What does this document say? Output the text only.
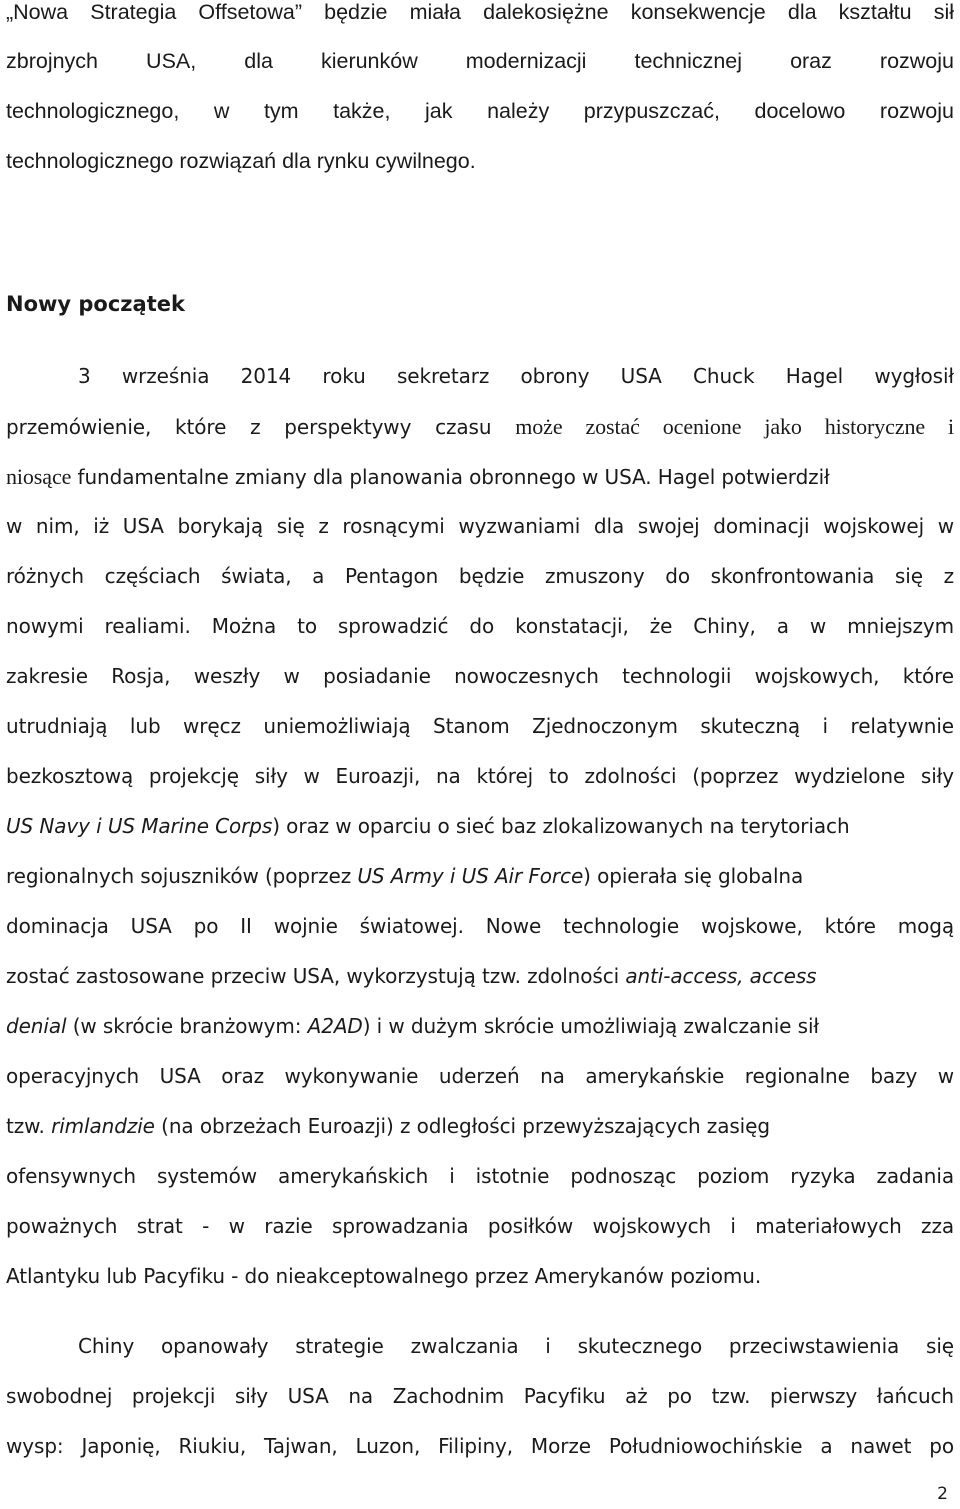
„Nowa Strategia Offsetowa” będzie miała dalekosiężne konsekwencje dla kształtu sił
zbrojnych USA, dla kierunków modernizacji technicznej oraz rozwoju
technologicznego, w tym także, jak należy przypuszczać, docelowo rozwoju
technologicznego rozwiązań dla rynku cywilnego.
Nowy początek
3 września 2014 roku sekretarz obrony USA Chuck Hagel wygłosił
przemówienie, które z perspektywy czasu może zostać ocenione jako historyczne i
niosące fundamentalne zmiany dla planowania obronnego w USA. Hagel potwierdził
w nim, iż USA borykają się z rosnącymi wyzwaniami dla swojej dominacji wojskowej w
różnych częściach świata, a Pentagon będzie zmuszony do skonfrontowania się z
nowymi realiami. Można to sprowadzić do konstatacji, że Chiny, a w mniejszym
zakresie Rosja, weszły w posiadanie nowoczesnych technologii wojskowych, które
utrudniają lub wręcz uniemożliwiają Stanom Zjednoczonym skuteczną i relatywnie
bezkosztową projekcję siły w Euroazji, na której to zdolności (poprzez wydzielone siły
US Navy i US Marine Corps) oraz w oparciu o sieć baz zlokalizowanych na terytoriach
regionalnych sojuszników (poprzez US Army i US Air Force) opierała się globalna
dominacja USA po II wojnie światowej. Nowe technologie wojskowe, które mogą
zostać zastosowane przeciw USA, wykorzystują tzw. zdolności anti-access, access
denial (w skrócie branżowym: A2AD) i w dużym skrócie umożliwiają zwalczanie sił
operacyjnych USA oraz wykonywanie uderzeń na amerykańskie regionalne bazy w
tzw. rimlandzie (na obrzeżach Euroazji) z odległości przewyższających zasięg
ofensywnych systemów amerykańskich i istotnie podnosząc poziom ryzyka zadania
poważnych strat - w razie sprowadzania posiłków wojskowych i materiałowych zza
Atlantyku lub Pacyfiku - do nieakceptowalnego przez Amerykanów poziomu.
Chiny opanowały strategie zwalczania i skutecznego przeciwstawienia się
swobodnej projekcji siły USA na Zachodnim Pacyfiku aż po tzw. pierwszy łańcuch
wysp: Japonię, Riukiu, Tajwan, Luzon, Filipiny, Morze Południowochińskie a nawet po
2
